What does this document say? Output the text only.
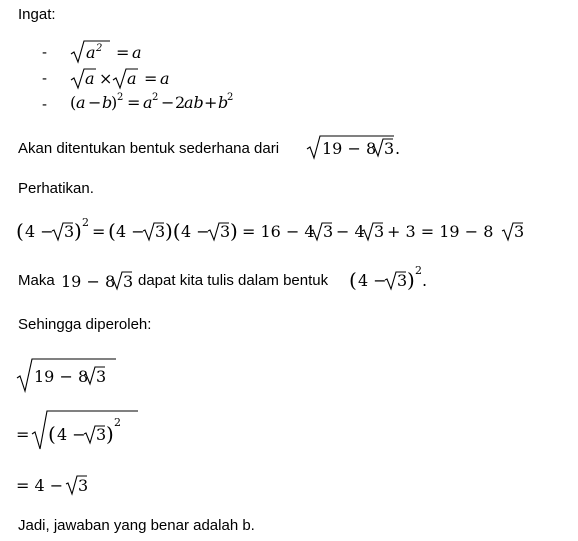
Ingat:
- a 2 = a
- a × a = a
- ( a − b
) 2 = a 2 − 2
ab + b
2
Akan ditentukan bentuk sederhana dari	19 − 8 3 .
Perhatikan.
( 4 − 3 ) 2 = ( 4 − 3 )( 4 − 3 ) = 16 − 4 3 − 4 3 + 3 = 19 − 8 3
Maka 19 − 8 3 dapat kita tulis dalam bentuk ( 4 − 3 ) 2
.
Sehingga diperoleh:
19 − 8 3
= ( 4 − 3 ) 2
= 4 − 3
Jadi, jawaban yang benar adalah b.
